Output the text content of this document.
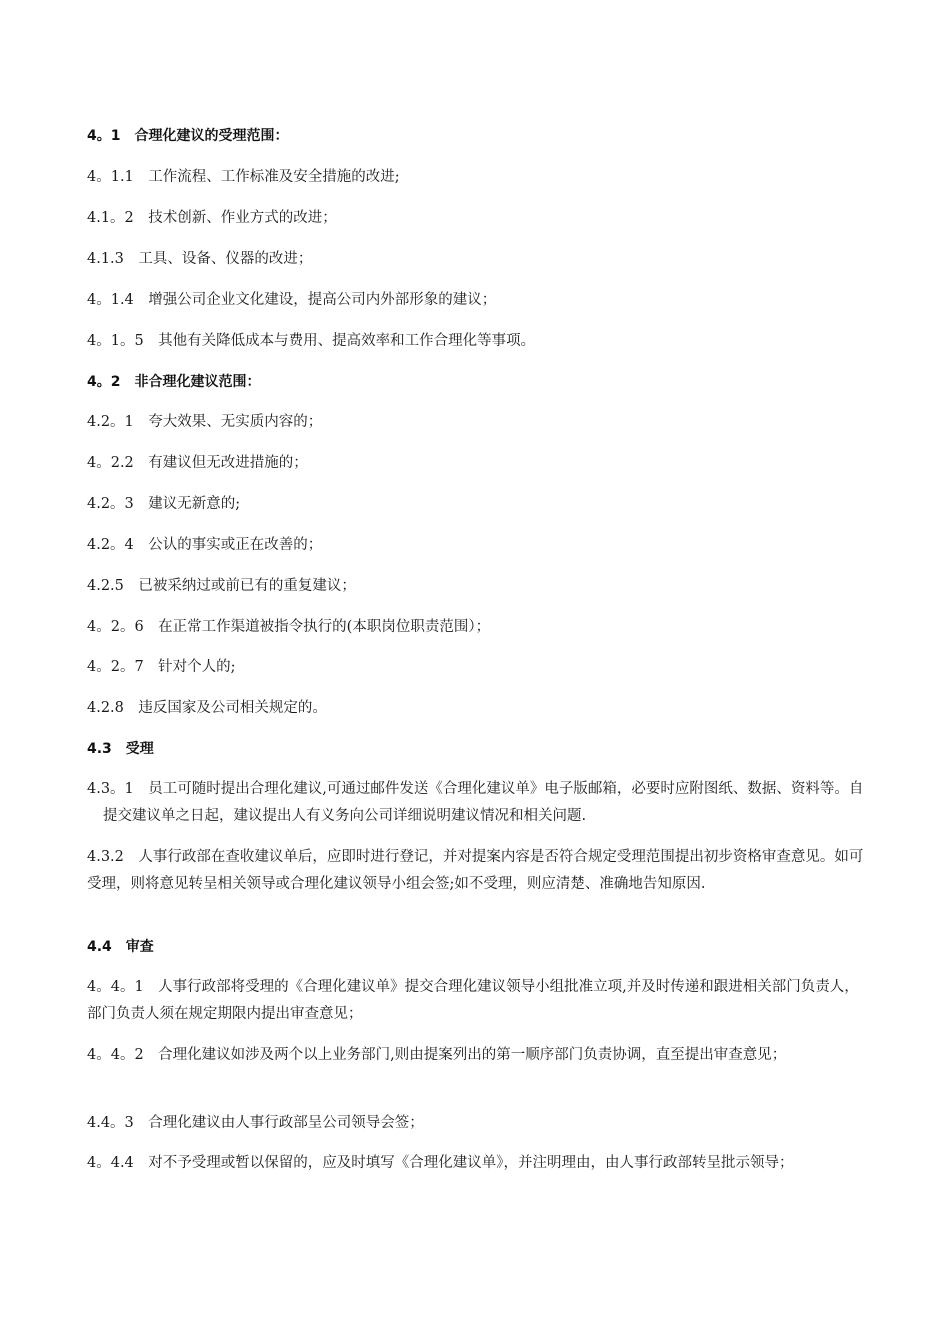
4。1　合理化建议的受理范围：

4。1.1　工作流程、工作标准及安全措施的改进;

4.1。2　技术创新、作业方式的改进；

4.1.3　工具、设备、仪器的改进；

4。1.4　增强公司企业文化建设，提高公司内外部形象的建议；

4。1。5　其他有关降低成本与费用、提高效率和工作合理化等事项。

4。2　非合理化建议范围：

4.2。1　夸大效果、无实质内容的；

4。2.2　有建议但无改进措施的；

4.2。3　建议无新意的;

4.2。4　公认的事实或正在改善的；

4.2.5　已被采纳过或前已有的重复建议；

4。2。6　在正常工作渠道被指令执行的(本职岗位职责范围）；

4。2。7　针对个人的;

4.2.8　违反国家及公司相关规定的。

4.3　受理

4.3。1　员工可随时提出合理化建议,可通过邮件发送《合理化建议单》电子版邮箱，必要时应附图纸、数据、资料等。自提交建议单之日起，建议提出人有义务向公司详细说明建议情况和相关问题.

4.3.2　人事行政部在查收建议单后，应即时进行登记，并对提案内容是否符合规定受理范围提出初步资格审查意见。如可受理，则将意见转呈相关领导或合理化建议领导小组会签;如不受理，则应清楚、准确地告知原因.

4.4　审查

4。4。1　人事行政部将受理的《合理化建议单》提交合理化建议领导小组批准立项,并及时传递和跟进相关部门负责人，部门负责人须在规定期限内提出审查意见；

4。4。2　合理化建议如涉及两个以上业务部门,则由提案列出的第一顺序部门负责协调，直至提出审查意见；

4.4。3　合理化建议由人事行政部呈公司领导会签；

4。4.4　对不予受理或暂以保留的，应及时填写《合理化建议单》，并注明理由，由人事行政部转呈批示领导；
